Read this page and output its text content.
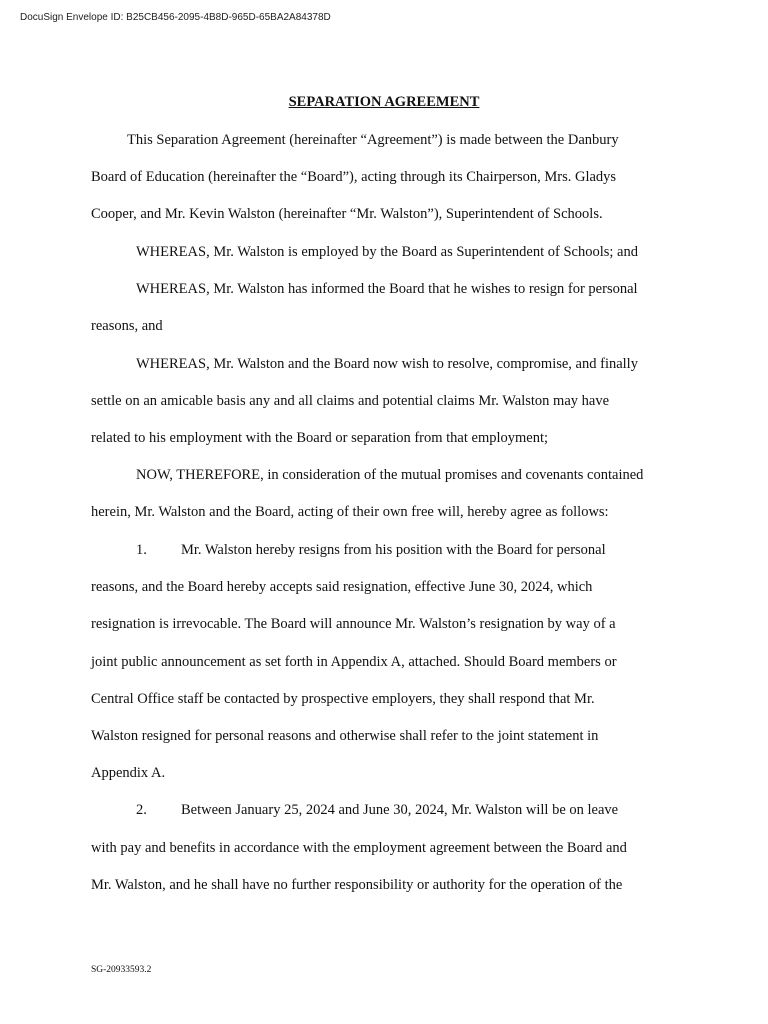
DocuSign Envelope ID: B25CB456-2095-4B8D-965D-65BA2A84378D
SEPARATION AGREEMENT
This Separation Agreement (hereinafter “Agreement”) is made between the Danbury
Board of Education (hereinafter the “Board”), acting through its Chairperson, Mrs. Gladys
Cooper, and Mr. Kevin Walston (hereinafter “Mr. Walston”), Superintendent of Schools.
WHEREAS, Mr. Walston is employed by the Board as Superintendent of Schools; and
WHEREAS, Mr. Walston has informed the Board that he wishes to resign for personal
reasons, and
WHEREAS, Mr. Walston and the Board now wish to resolve, compromise, and finally
settle on an amicable basis any and all claims and potential claims Mr. Walston may have
related to his employment with the Board or separation from that employment;
NOW, THEREFORE, in consideration of the mutual promises and covenants contained
herein, Mr. Walston and the Board, acting of their own free will, hereby agree as follows:
1. Mr. Walston hereby resigns from his position with the Board for personal
reasons, and the Board hereby accepts said resignation, effective June 30, 2024, which
resignation is irrevocable. The Board will announce Mr. Walston’s resignation by way of a
joint public announcement as set forth in Appendix A, attached. Should Board members or
Central Office staff be contacted by prospective employers, they shall respond that Mr.
Walston resigned for personal reasons and otherwise shall refer to the joint statement in
Appendix A.
2. Between January 25, 2024 and June 30, 2024, Mr. Walston will be on leave
with pay and benefits in accordance with the employment agreement between the Board and
Mr. Walston, and he shall have no further responsibility or authority for the operation of the
SG-20933593.2
